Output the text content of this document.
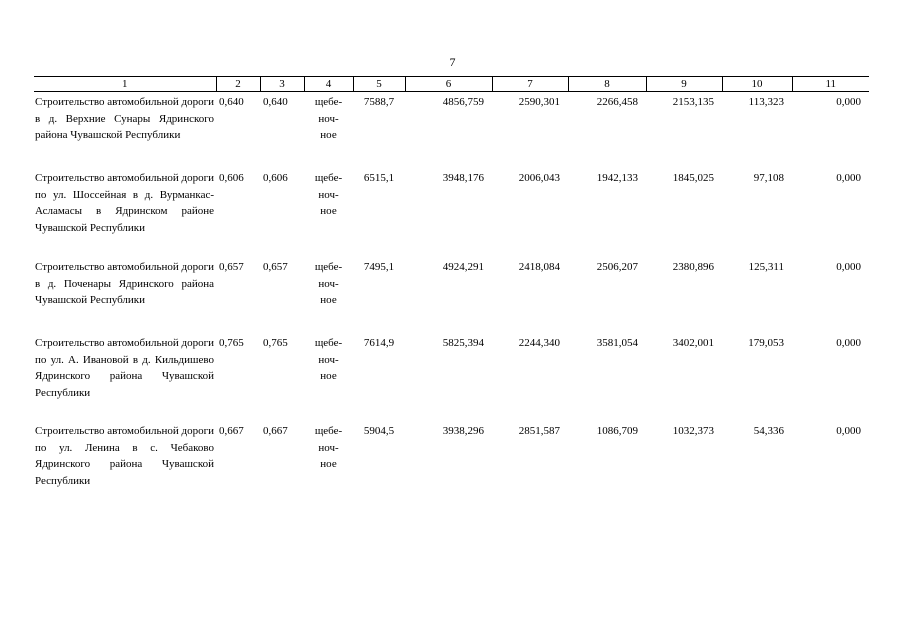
7
1	2	3	4	5	6	7	8	9	10	11
Строительство автомобильной дороги в д. Верхние Сунары Ядринского района Чувашской Республики	0,640	0,640	щебе-
ноч-
ное	7588,7	4856,759	2590,301	2266,458	2153,135	113,323	0,000
Строительство автомобильной дороги по ул. Шоссейная в д. Вурманкас-Асламасы в Ядринском районе Чувашской Республики	0,606	0,606	щебе-
ноч-
ное	6515,1	3948,176	2006,043	1942,133	1845,025	97,108	0,000
Строительство автомобильной дороги в д. Поченары Ядринского района Чувашской Республики	0,657	0,657	щебе-
ноч-
ное	7495,1	4924,291	2418,084	2506,207	2380,896	125,311	0,000
Строительство автомобильной дороги по ул. А. Ивановой в д. Кильдишево Ядринского района Чувашской Республики	0,765	0,765	щебе-
ноч-
ное	7614,9	5825,394	2244,340	3581,054	3402,001	179,053	0,000
Строительство автомобильной дороги по ул. Ленина в с. Чебаково Ядринского района Чувашской Республики	0,667	0,667	щебе-
ноч-
ное	5904,5	3938,296	2851,587	1086,709	1032,373	54,336	0,000
